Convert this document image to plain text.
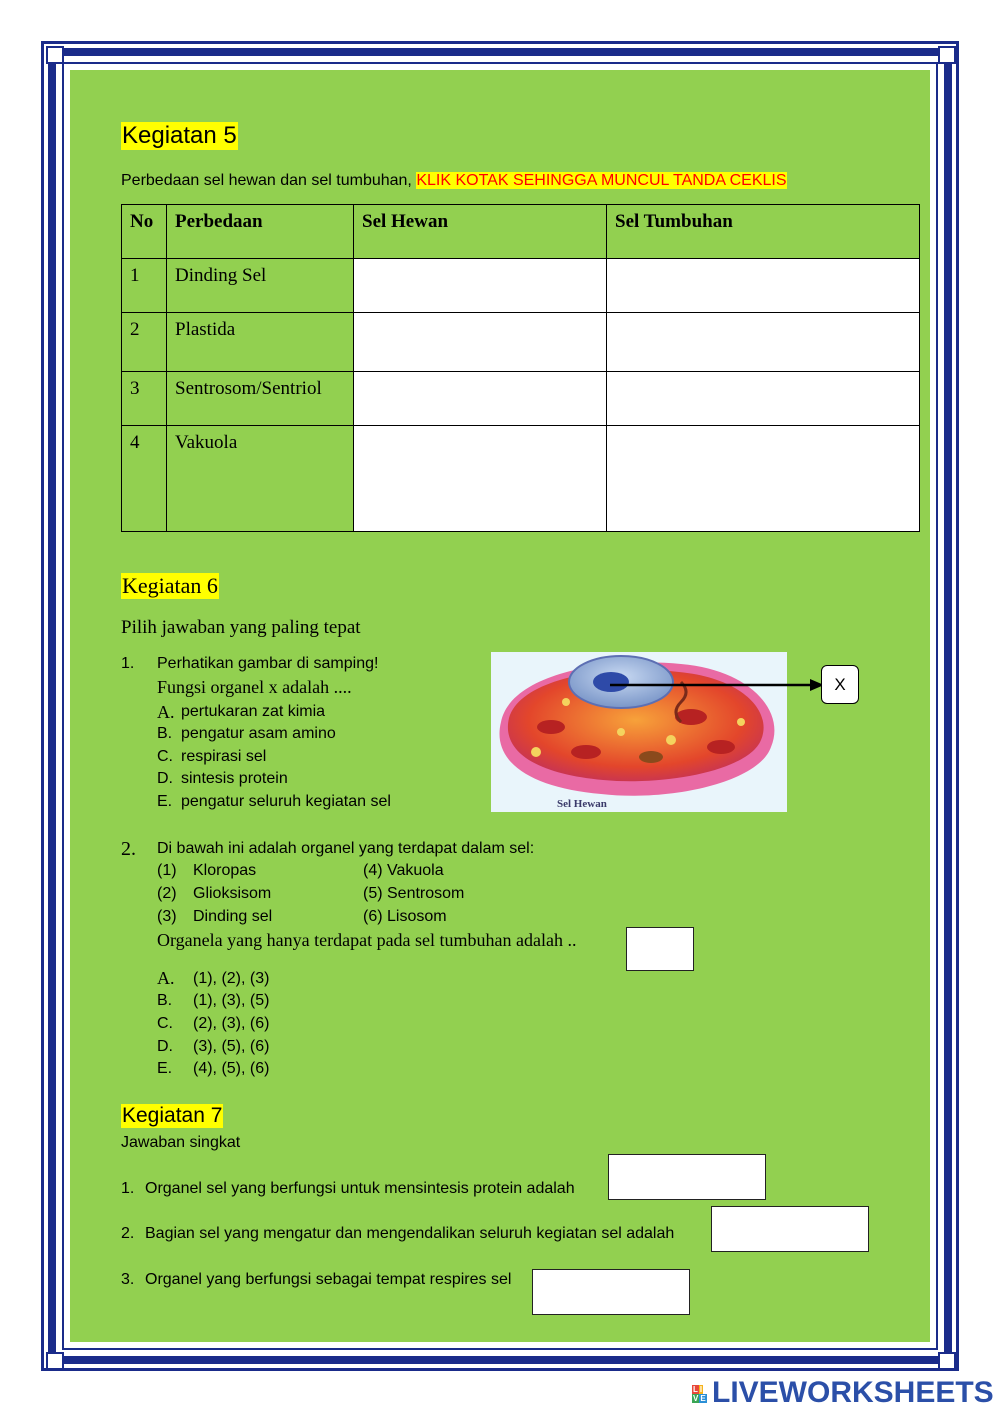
Kegiatan 5
Perbedaan sel hewan dan sel tumbuhan, KLIK KOTAK SEHINGGA MUNCUL TANDA CEKLIS
No	Perbedaan	Sel Hewan	Sel Tumbuhan
1	Dinding Sel		
2	Plastida		
3	Sentrosom/Sentriol		
4	Vakuola		
Kegiatan 6
Pilih jawaban yang paling tepat
1. Perhatikan gambar di samping!
Fungsi organel x adalah ....
A. pertukaran zat kimia
B. pengatur asam amino
C. respirasi sel
D. sintesis protein
E. pengatur seluruh kegiatan sel	Sel Hewan
X
2. Di bawah ini adalah organel yang terdapat dalam sel:
(1) Kloropas
(2) Glioksisom
(3) Dinding sel
(4) Vakuola
(5) Sentrosom
(6) Lisosom
Organela yang hanya terdapat pada sel tumbuhan adalah ..
A. (1), (2), (3)
B. (1), (3), (5)
C. (2), (3), (6)
D. (3), (5), (6)
E. (4), (5), (6)
Kegiatan 7
Jawaban singkat
1. Organel sel yang berfungsi untuk mensintesis protein adalah
2. Bagian sel yang mengatur dan mengendalikan seluruh kegiatan sel adalah
3. Organel yang berfungsi sebagai tempat respires sel
L I
V E LIVEWORKSHEETS
